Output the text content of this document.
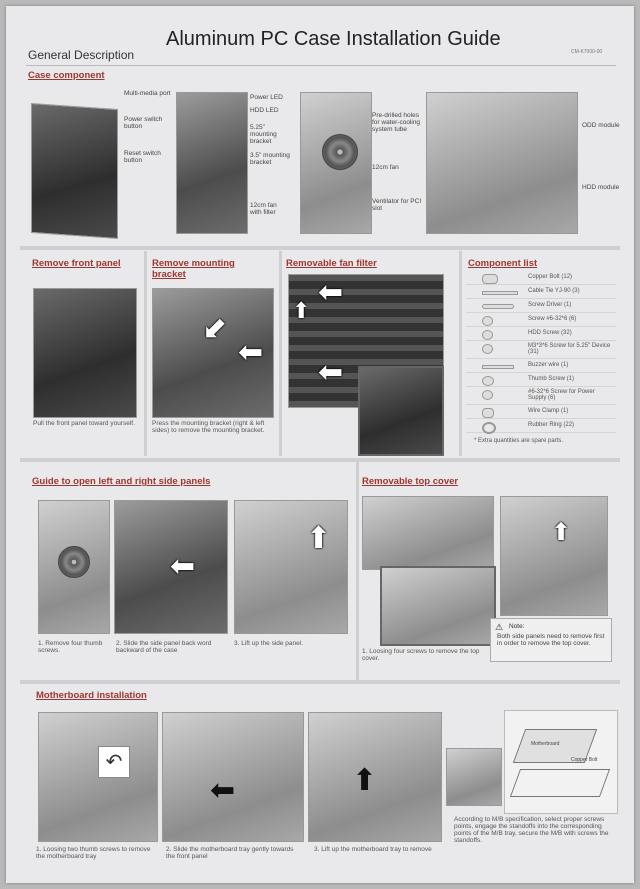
Aluminum PC Case Installation Guide
General Description	CM-K7000-00
Case component
Multi-media port
Power switch button
Reset switch button
Power LED
HDD LED
5.25" mounting bracket
3.5" mounting bracket
12cm fan with filter
Pre-drilled holes for water-cooling system tube
12cm fan
Ventilator for PCI slot
ODD module
HDD module
Remove front panel
Pull the front panel toward yourself.
Remove mounting bracket
⬋
⬅
Press the mounting bracket (right & left sides) to remove the mounting bracket.
Removable fan filter
⬅
⬅
⬆
Component list
Copper Bolt (12)
Cable Tie YJ-90 (3)
Screw Driver (1)
Screw #6-32*6 (6)
HDD Screw (32)
M3*3*6 Screw for 5.25" Device (31)
Buzzer wire (1)
Thumb Screw (1)
#6-32*6 Screw for Power Supply (6)
Wire Clamp (1)
Rubber Ring (22)
* Extra quantities are spare parts.
Guide to open left and right side panels
⬅
⬆
1. Remove four thumb screws.
2. Slide the side panel back word backward of the case
3. Lift up the side panel.
Removable top cover
⬆
1. Loosing four screws to remove the top cover.
⚠ Note:
Both side panels need to remove first in order to remove the top cover.
Motherboard installation
↶
⬅	⬆
Motherboard
Copper Bolt
1. Loosing two thumb screws to remove the motherboard tray
2. Slide the motherboard tray gently towards the front panel
3. Lift up the motherboard tray to remove
According to M/B specification, select proper screws points, engage the standoffs into the corresponding points of the M/B tray, secure the M/B with screws the standoffs.
